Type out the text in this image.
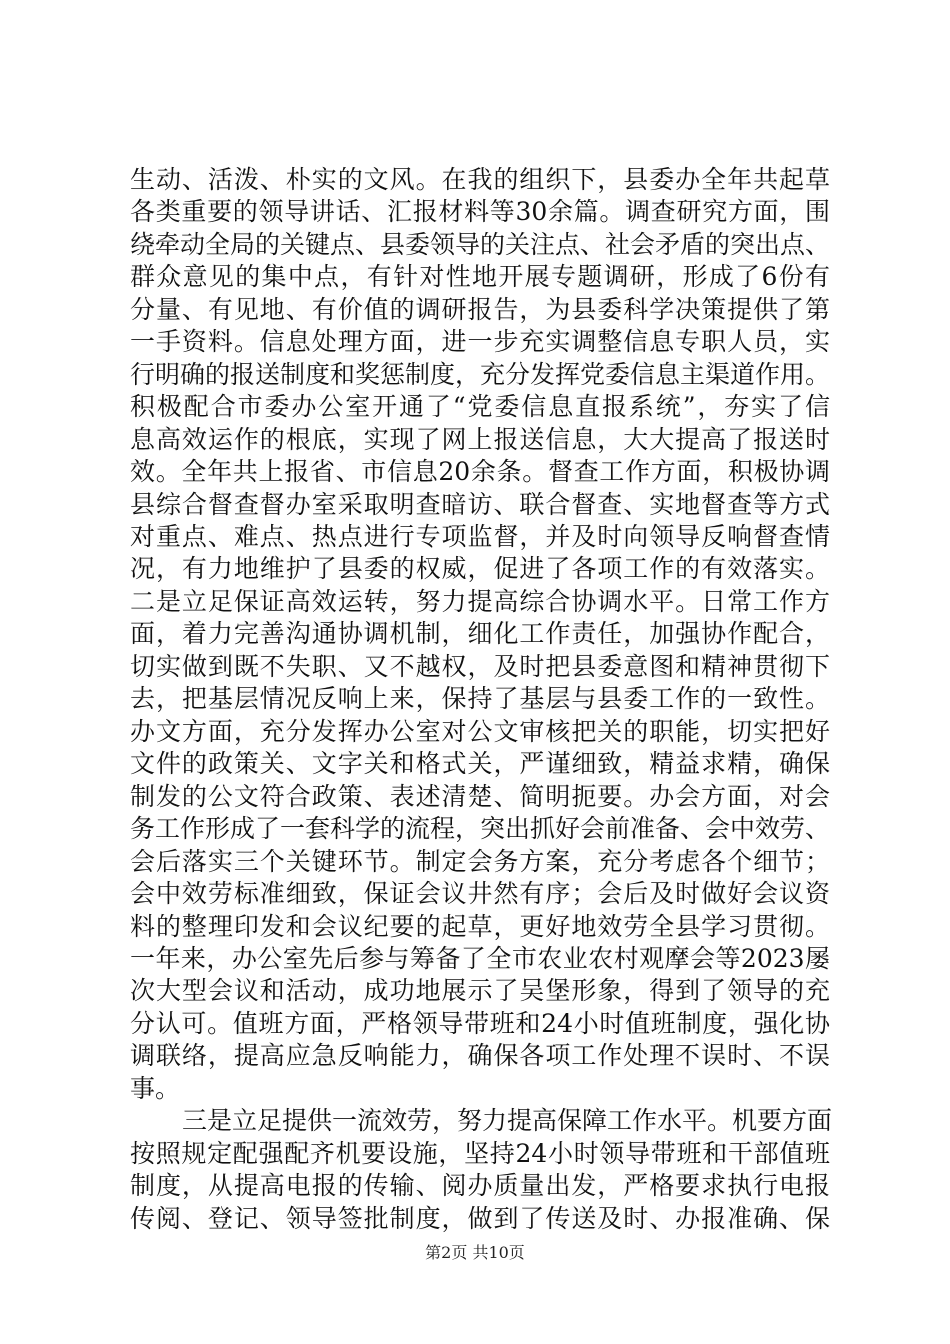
生动、活泼、朴实的文风。在我的组织下，县委办全年共起草
各类重要的领导讲话、汇报材料等30余篇。调查研究方面，围
绕牵动全局的关键点、县委领导的关注点、社会矛盾的突出点、
群众意见的集中点，有针对性地开展专题调研，形成了6份有
分量、有见地、有价值的调研报告，为县委科学决策提供了第
一手资料。信息处理方面，进一步充实调整信息专职人员，实
行明确的报送制度和奖惩制度，充分发挥党委信息主渠道作用。
积极配合市委办公室开通了“党委信息直报系统”，夯实了信
息高效运作的根底，实现了网上报送信息，大大提高了报送时
效。全年共上报省、市信息20余条。督查工作方面，积极协调
县综合督查督办室采取明查暗访、联合督查、实地督查等方式
对重点、难点、热点进行专项监督，并及时向领导反响督查情
况，有力地维护了县委的权威，促进了各项工作的有效落实。
二是立足保证高效运转，努力提高综合协调水平。日常工作方
面，着力完善沟通协调机制，细化工作责任，加强协作配合，
切实做到既不失职、又不越权，及时把县委意图和精神贯彻下
去，把基层情况反响上来，保持了基层与县委工作的一致性。
办文方面，充分发挥办公室对公文审核把关的职能，切实把好
文件的政策关、文字关和格式关，严谨细致，精益求精，确保
制发的公文符合政策、表述清楚、简明扼要。办会方面，对会
务工作形成了一套科学的流程，突出抓好会前准备、会中效劳、
会后落实三个关键环节。制定会务方案，充分考虑各个细节；
会中效劳标准细致，保证会议井然有序；会后及时做好会议资
料的整理印发和会议纪要的起草，更好地效劳全县学习贯彻。
一年来，办公室先后参与筹备了全市农业农村观摩会等2023屡
次大型会议和活动，成功地展示了吴堡形象，得到了领导的充
分认可。值班方面，严格领导带班和24小时值班制度，强化协
调联络，提高应急反响能力，确保各项工作处理不误时、不误
事。
三是立足提供一流效劳，努力提高保障工作水平。机要方面
按照规定配强配齐机要设施，坚持24小时领导带班和干部值班
制度，从提高电报的传输、阅办质量出发，严格要求执行电报
传阅、登记、领导签批制度，做到了传送及时、办报准确、保
第2页 共10页
